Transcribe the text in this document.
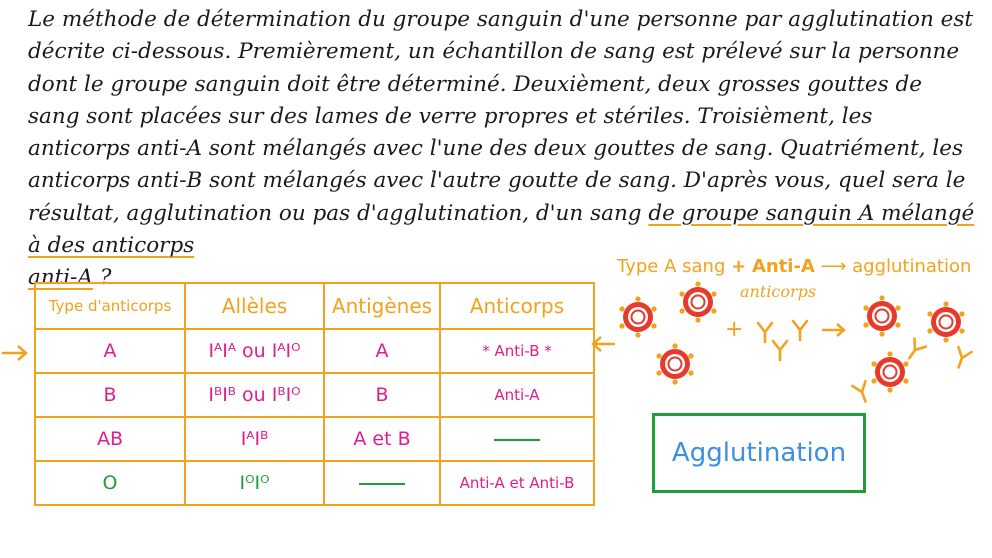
Le méthode de détermination du groupe sanguin d'une personne par agglutination est décrite ci-dessous. Premièrement, un échantillon de sang est prélevé sur la personne dont le groupe sanguin doit être déterminé. Deuxièment, deux grosses gouttes de sang sont placées sur des lames de verre propres et stériles. Troisièment, les anticorps anti-A sont mélangés avec l'une des deux gouttes de sang. Quatriément, les anticorps anti-B sont mélangés avec l'autre goutte de sang. D'après vous, quel sera le résultat, agglutination ou pas d'agglutination, d'un sang de groupe sanguin A mélangé à des anticorps
anti-A ?

Type d'anticorps	Allèles	Antigènes	Anticorps
A	IᴬIᴬ ou IᴬIᴼ	A	* Anti-B *
B	IᴮIᴮ ou IᴮIᴼ	B	Anti-A
AB	IᴬIᴮ	A et B	
O	IᴼIᴼ		Anti-A et Anti-B
Type A sang + Anti-A ⟶ agglutination
anticorps
+
Agglutination
